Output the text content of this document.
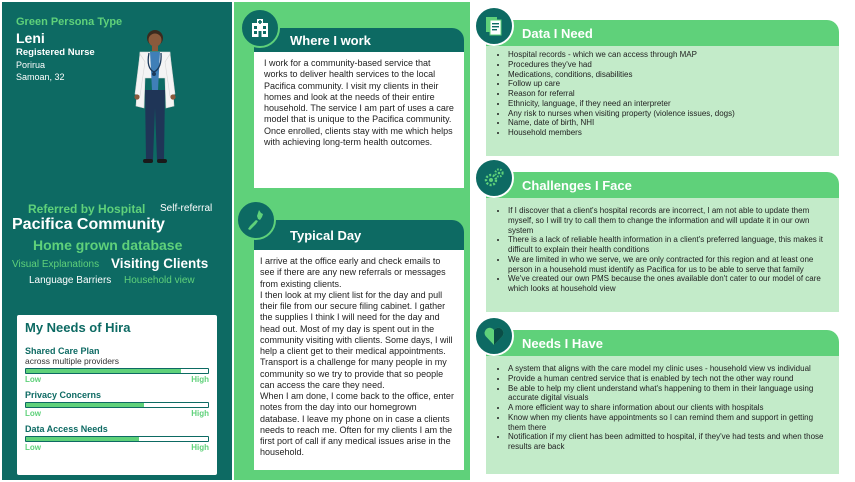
Green Persona Type
Leni
Registered Nurse
Porirua
Samoan, 32
Referred by Hospital Self-referral
Pacifica Community
Home grown database
Visual Explanations Visiting Clients
Language Barriers Household view
My Needs of Hira
Shared Care Plan
across multiple providers
Low	High
Privacy Concerns
Low	High
Data Access Needs
Low	High
Where I work
I work for a community-based service that works to deliver health services to the local Pacifica community. I visit my clients in their homes and look at the needs of their entire household. The service I am part of uses a care model that is unique to the Pacifica community.
Once enrolled, clients stay with me which helps with achieving long-term health outcomes.
Typical Day
I arrive at the office early and check emails to see if there are any new referrals or messages from existing clients.
I then look at my client list for the day and pull their file from our secure filing cabinet. I gather the supplies I think I will need for the day and head out. Most of my day is spent out in the community visiting with clients. Some days, I will help a client get to their medical appointments. Transport is a challenge for many people in my community so we try to provide that so people can access the care they need.
When I am done, I come back to the office, enter notes from the day into our homegrown database. I leave my phone on in case a clients needs to reach me. Often for my clients I am the first port of call if any medical issues arise in the household.
Data I Need
• Hospital records - which we can access through MAP
• Procedures they've had
• Medications, conditions, disabilities
• Follow up care
• Reason for referral
• Ethnicity, language, if they need an interpreter
• Any risk to nurses when visiting property (violence issues, dogs)
• Name, date of birth, NHI
• Household members
Challenges I Face
• If I discover that a client's hospital records are incorrect, I am not able to update them myself, so I will try to call them to change the information and will update it in our own system
• There is a lack of reliable health information in a client's preferred language, this makes it difficult to explain their health conditions
• We are limited in who we serve, we are only contracted for this region and at least one person in a household must identify as Pacifica for us to be able to serve that family
• We've created our own PMS because the ones available don't cater to our model of care which looks at household view
Needs I Have
• A system that aligns with the care model my clinic uses - household view vs individual
• Provide a human centred service that is enabled by tech not the other way round
• Be able to help my client understand what's happening to them in their language using accurate digital visuals
• A more efficient way to share information about our clients with hospitals
• Know when my clients have appointments so I can remind them and support in getting them there
• Notification if my client has been admitted to hospital, if they've had tests and when those results are back
